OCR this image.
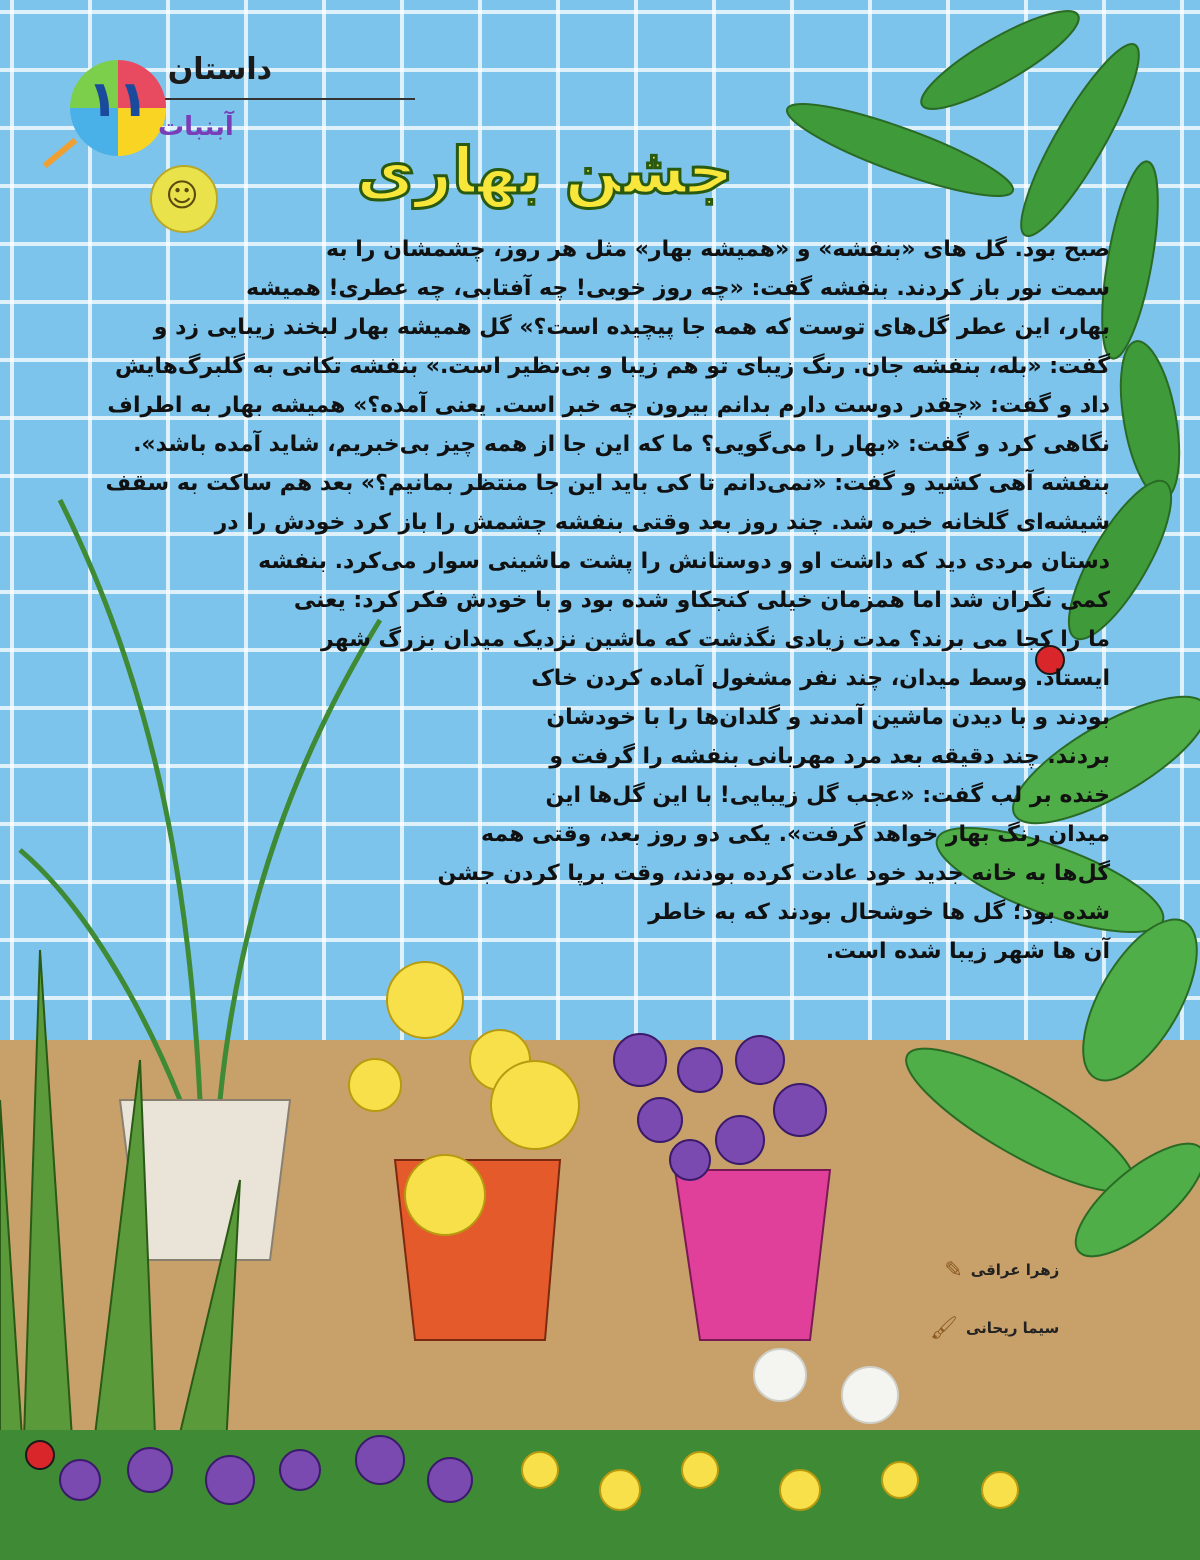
داستان
۱۱ آبنبات
☺ جشن بهاری
صبح بود. گل های «بنفشه» و «همیشه بهار» مثل هر روز، چشمشان را به
سمت نور باز کردند. بنفشه گفت: «چه روز خوبی! چه آفتابی، چه عطری! همیشه
بهار، این عطر گل‌های توست که همه جا پیچیده است؟» گل همیشه بهار لبخند زیبایی زد و
گفت: «بله، بنفشه جان. رنگ زیبای تو هم زیبا و بی‌نظیر است.» بنفشه تکانی به گلبرگ‌هایش
داد و گفت: «چقدر دوست دارم بدانم بیرون چه خبر است. یعنی آمده؟» همیشه بهار به اطراف
نگاهی کرد و گفت: «بهار را می‌گویی؟ ما که این جا از همه چیز بی‌خبریم، شاید آمده باشد».
بنفشه آهی کشید و گفت: «نمی‌دانم تا کی باید این جا منتظر بمانیم؟» بعد هم ساکت به سقف
شیشه‌ای گلخانه خیره شد. چند روز بعد وقتی بنفشه چشمش را باز کرد خودش را در
دستان مردی دید که داشت او و دوستانش را پشت ماشینی سوار می‌کرد. بنفشه
کمی نگران شد اما همزمان خیلی کنجکاو شده بود و با خودش فکر کرد: یعنی
ما را کجا می برند؟ مدت زیادی نگذشت که ماشین نزدیک میدان بزرگ شهر
ایستاد. وسط میدان، چند نفر مشغول آماده کردن خاک
بودند و با دیدن ماشین آمدند و گلدان‌ها را با خودشان
بردند. چند دقیقه بعد مرد مهربانی بنفشه را گرفت و
خنده بر لب گفت: «عجب گل زیبایی! با این گل‌ها این
میدان رنگ بهار خواهد گرفت». یکی دو روز بعد، وقتی همه
گل‌ها به خانه جدید خود عادت کرده بودند، وقت برپا کردن جشن
شده بود؛ گل ها خوشحال بودند که به خاطر
آن ها شهر زیبا شده است.
زهرا عراقی
✎
سیما ریحانی
🖌
